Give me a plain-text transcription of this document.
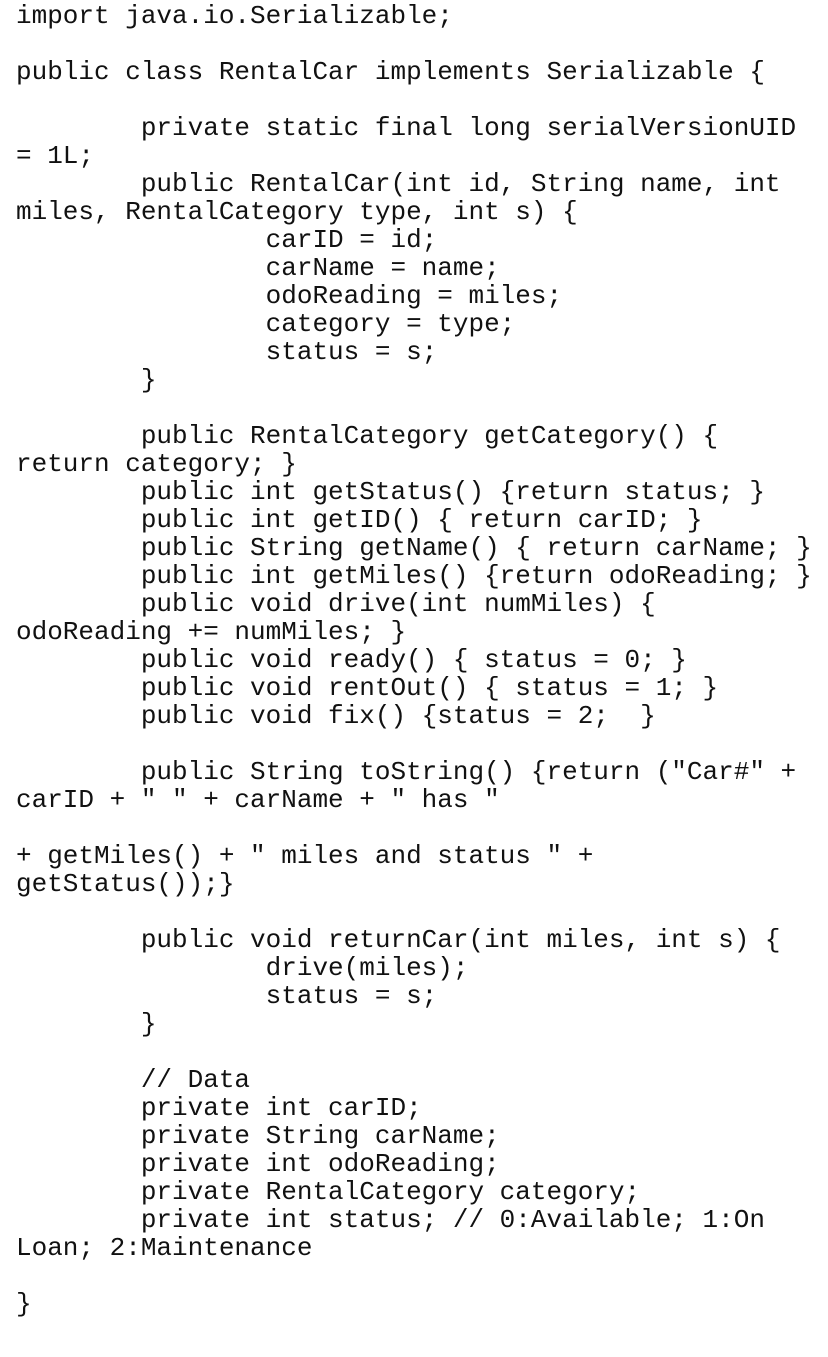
import java.io.Serializable;
public class RentalCar implements Serializable {
private static final long serialVersionUID
= 1L;
public RentalCar(int id, String name, int
miles, RentalCategory type, int s) {
carID = id;
carName = name;
odoReading = miles;
category = type;
status = s;
}
public RentalCategory getCategory() {
return category; }
public int getStatus() {return status; }
public int getID() { return carID; }
public String getName() { return carName; }
public int getMiles() {return odoReading; }
public void drive(int numMiles) {
odoReading += numMiles; }
public void ready() { status = 0; }
public void rentOut() { status = 1; }
public void fix() {status = 2;  }
public String toString() {return ("Car#" +
carID + " " + carName + " has "
+ getMiles() + " miles and status " +
getStatus());}
public void returnCar(int miles, int s) {
drive(miles);
status = s;
}
// Data
private int carID;
private String carName;
private int odoReading;
private RentalCategory category;
private int status; // 0:Available; 1:On
Loan; 2:Maintenance
}
